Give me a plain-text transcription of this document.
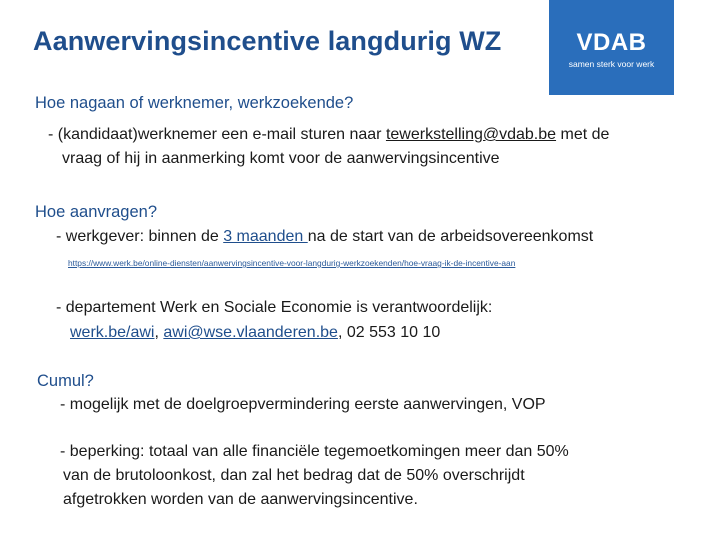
Aanwervingsincentive langdurig WZ	VDAB
samen sterk voor werk
Hoe nagaan of werknemer, werkzoekende?
- (kandidaat)werknemer een e-mail sturen naar tewerkstelling@vdab.be met de
vraag of hij in aanmerking komt voor de aanwervingsincentive
Hoe aanvragen?
- werkgever: binnen de 3 maanden na de start van de arbeidsovereenkomst
https://www.werk.be/online-diensten/aanwervingsincentive-voor-langdurig-werkzoekenden/hoe-vraag-ik-de-incentive-aan
- departement Werk en Sociale Economie is verantwoordelijk:
werk.be/awi, awi@wse.vlaanderen.be, 02 553 10 10
Cumul?
- mogelijk met de doelgroepvermindering eerste aanwervingen, VOP
- beperking: totaal van alle financiële tegemoetkomingen meer dan 50%
van de brutoloonkost, dan zal het bedrag dat de 50% overschrijdt
afgetrokken worden van de aanwervingsincentive.
